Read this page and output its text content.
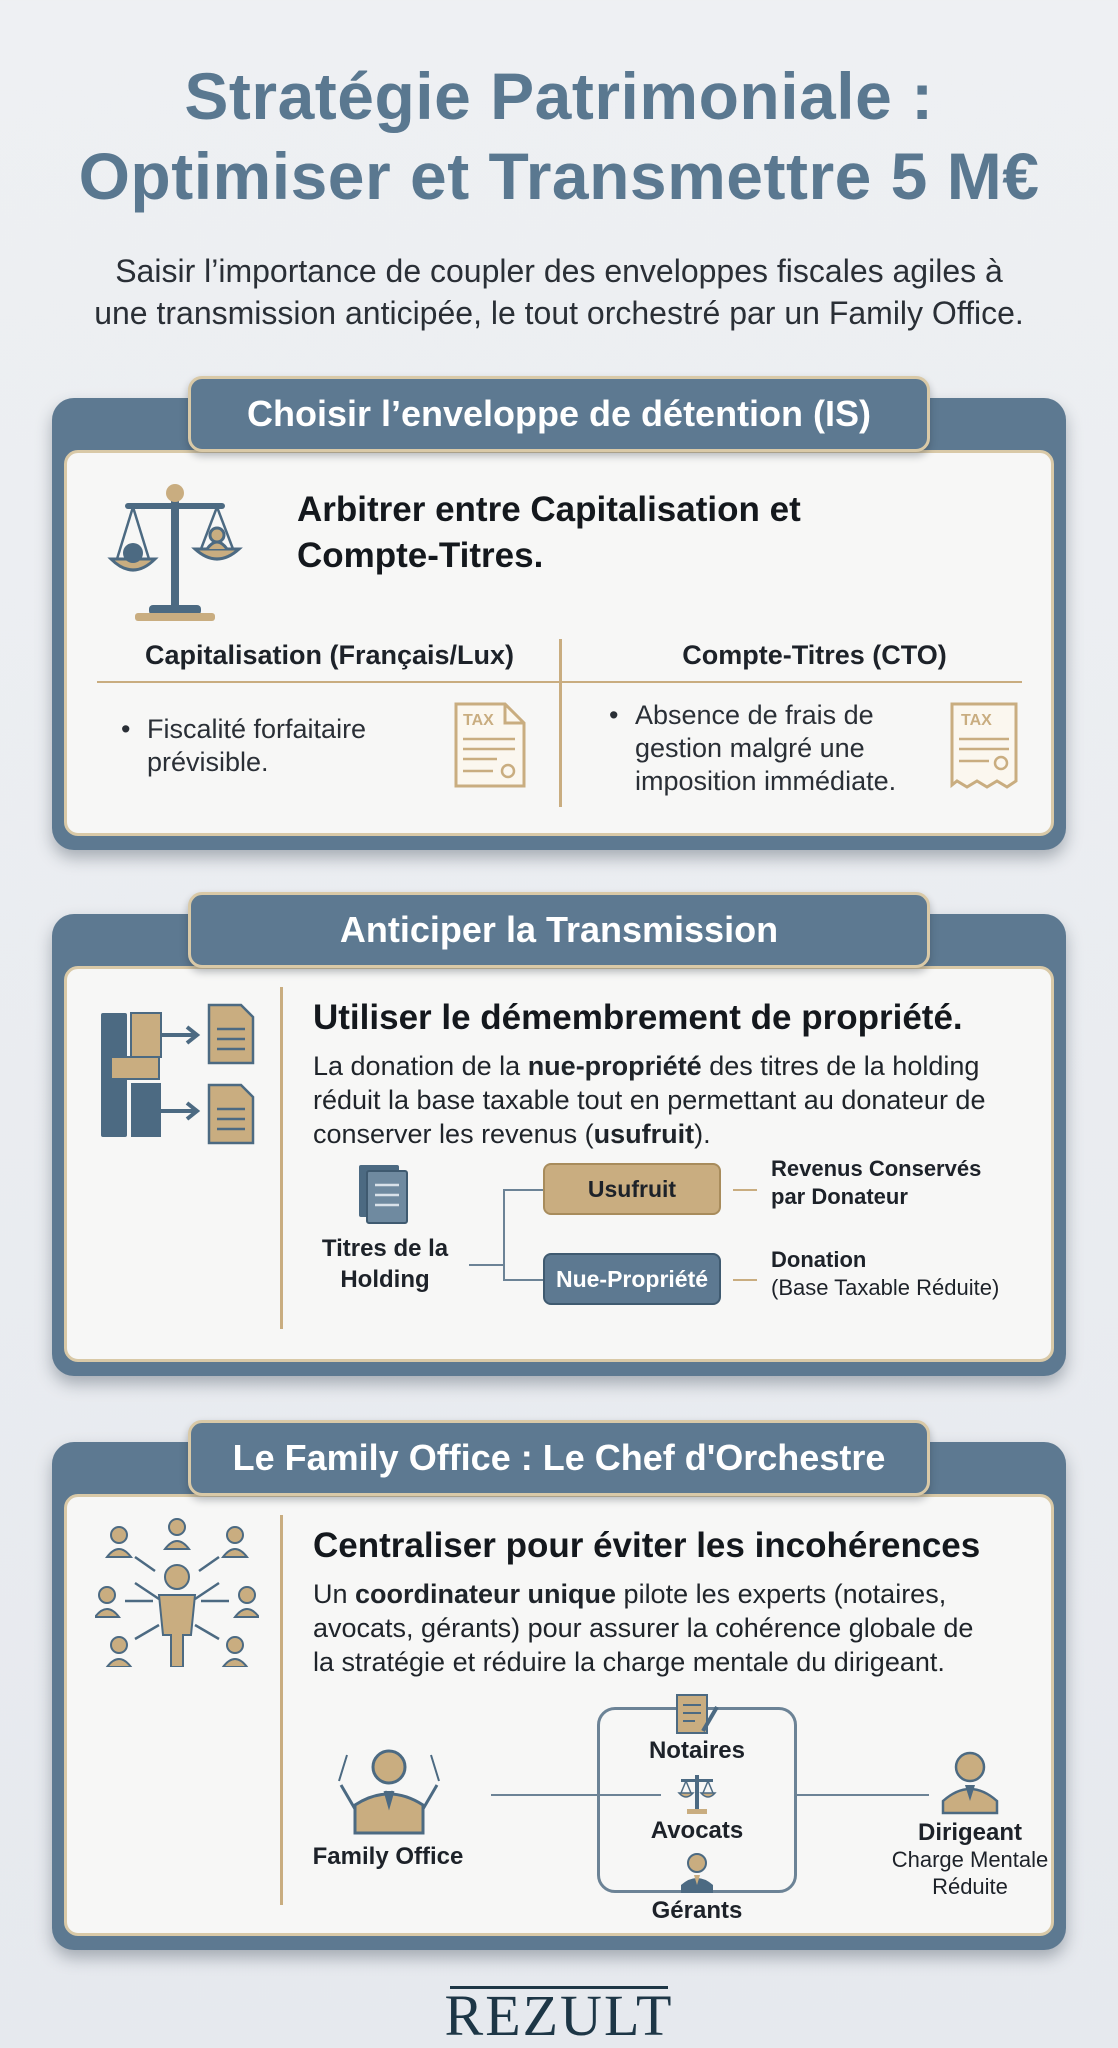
Stratégie Patrimoniale :
Optimiser et Transmettre 5 M€
Saisir l’importance de coupler des enveloppes fiscales agiles à
une transmission anticipée, le tout orchestré par un Family Office.
Arbitrer entre Capitalisation et
Compte-Titres.
Capitalisation (Français/Lux)	Compte-Titres (CTO)
• Fiscalité forfaitaire
prévisible.
TAX
•	Absence de frais de
gestion malgré une
imposition immédiate.
TAX
Choisir l’enveloppe de détention (IS)
Utiliser le démembrement de propriété.
La donation de la nue-propriété des titres de la holding
réduit la base taxable tout en permettant au donateur de
conserver les revenus (usufruit).
Titres de la
Holding
Usufruit
Nue-Propriété
Revenus Conservés
par Donateur
Donation
(Base Taxable Réduite)
Anticiper la Transmission
Centraliser pour éviter les incohérences
Un coordinateur unique pilote les experts (notaires,
avocats, gérants) pour assurer la cohérence globale de
la stratégie et réduire la charge mentale du dirigeant.
Family Office
Notaires
Avocats
Gérants
Dirigeant
Charge Mentale
Réduite
Le Family Office : Le Chef d'Orchestre
REZULT
